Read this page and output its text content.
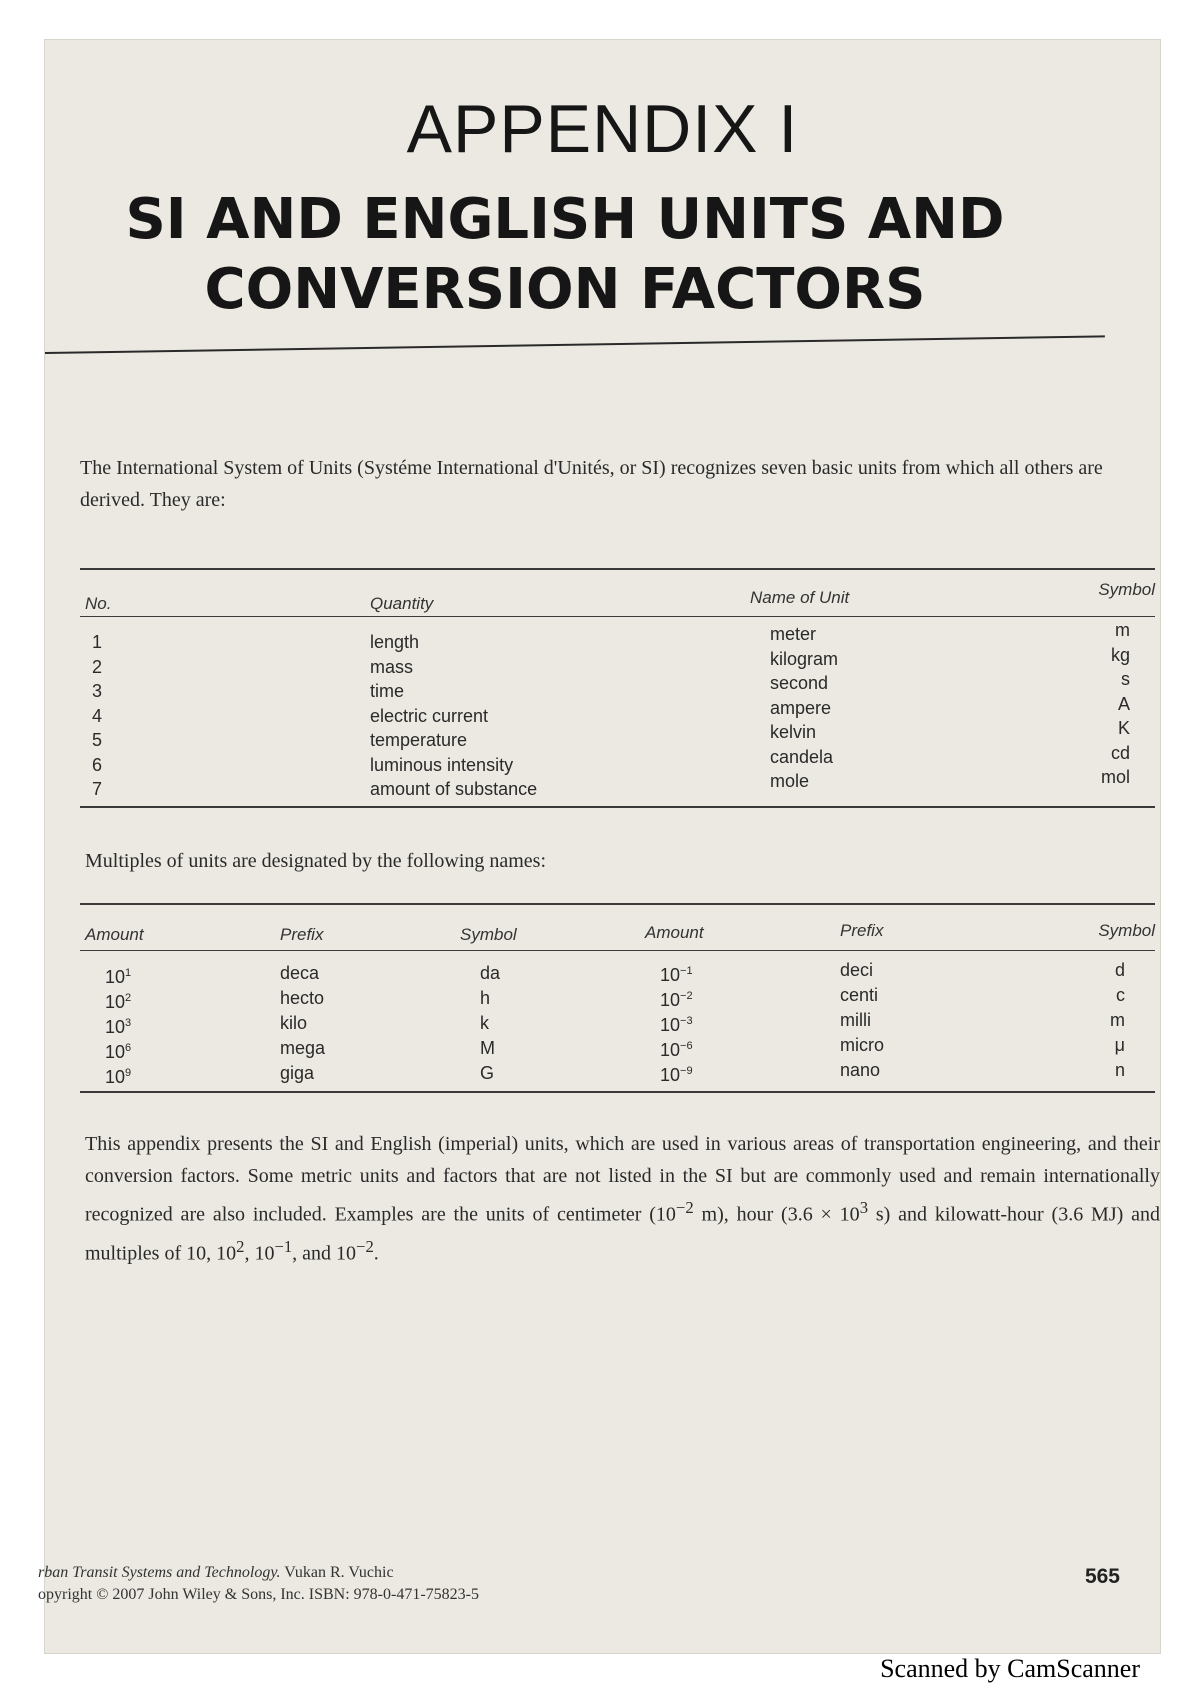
APPENDIX I
SI AND ENGLISH UNITS AND
CONVERSION FACTORS
The International System of Units (Systéme International d'Unités, or SI) recognizes seven basic units from which all others are derived. They are:
No.	Quantity	Name of Unit	Symbol
1	length	meter	m
2	mass	kilogram	kg
3	time	second	s
4	electric current	ampere	A
5	temperature	kelvin	K
6	luminous intensity	candela	cd
7	amount of substance	mole	mol
Multiples of units are designated by the following names:
Amount	Prefix	Symbol	Amount	Prefix	Symbol
$10^1$	deca	da	$10^{-1}$	deci	d
$10^2$	hecto	h	$10^{-2}$	centi	c
$10^3$	kilo	k	$10^{-3}$	milli	m
$10^6$	mega	M	$10^{-6}$	micro	μ
$10^9$	giga	G	$10^{-9}$	nano	n
This appendix presents the SI and English (imperial) units, which are used in various areas of transportation engineering, and their conversion factors. Some metric units and factors that are not listed in the SI but are commonly used and remain internationally recognized are also included. Examples are the units of centimeter ($10^{-2}$ m), hour ($3.6 \times 10^3$ s) and kilowatt-hour (3.6 MJ) and multiples of 10, $10^2$, $10^{-1}$, and $10^{-2}$.
rban Transit Systems and Technology. Vukan R. Vuchic
opyright © 2007 John Wiley & Sons, Inc. ISBN: 978-0-471-75823-5
565
Scanned by CamScanner
